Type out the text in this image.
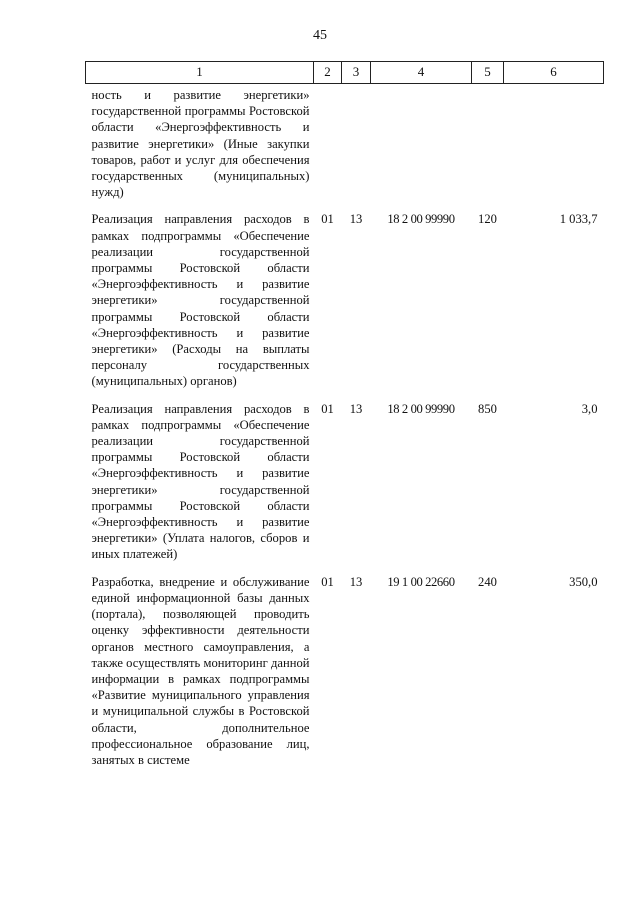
45
1	2	3	4	5	6
ность и развитие энергетики» государственной программы Ростовской области «Энергоэффективность и развитие энергетики» (Иные закупки товаров, работ и услуг для обеспечения государственных (муниципальных) нужд)					
Реализация направления расходов в рамках подпрограммы «Обеспечение реализации государственной программы Ростовской области «Энергоэффективность и развитие энергетики» государственной программы Ростовской области «Энергоэффективность и развитие энергетики» (Расходы на выплаты персоналу государственных (муниципальных) органов)	01	13	18 2 00 99990	120	1 033,7
Реализация направления расходов в рамках подпрограммы «Обеспечение реализации государственной программы Ростовской области «Энергоэффективность и развитие энергетики» государственной программы Ростовской области «Энергоэффективность и развитие энергетики» (Уплата налогов, сборов и иных платежей)	01	13	18 2 00 99990	850	3,0
Разработка, внедрение и обслуживание единой информационной базы данных (портала), позволяющей проводить оценку эффективности деятельности органов местного самоуправления, а также осуществлять мониторинг данной информации в рамках подпрограммы «Развитие муниципального управления и муниципальной службы в Ростовской области, дополнительное профессиональное образование лиц, занятых в системе	01	13	19 1 00 22660	240	350,0
